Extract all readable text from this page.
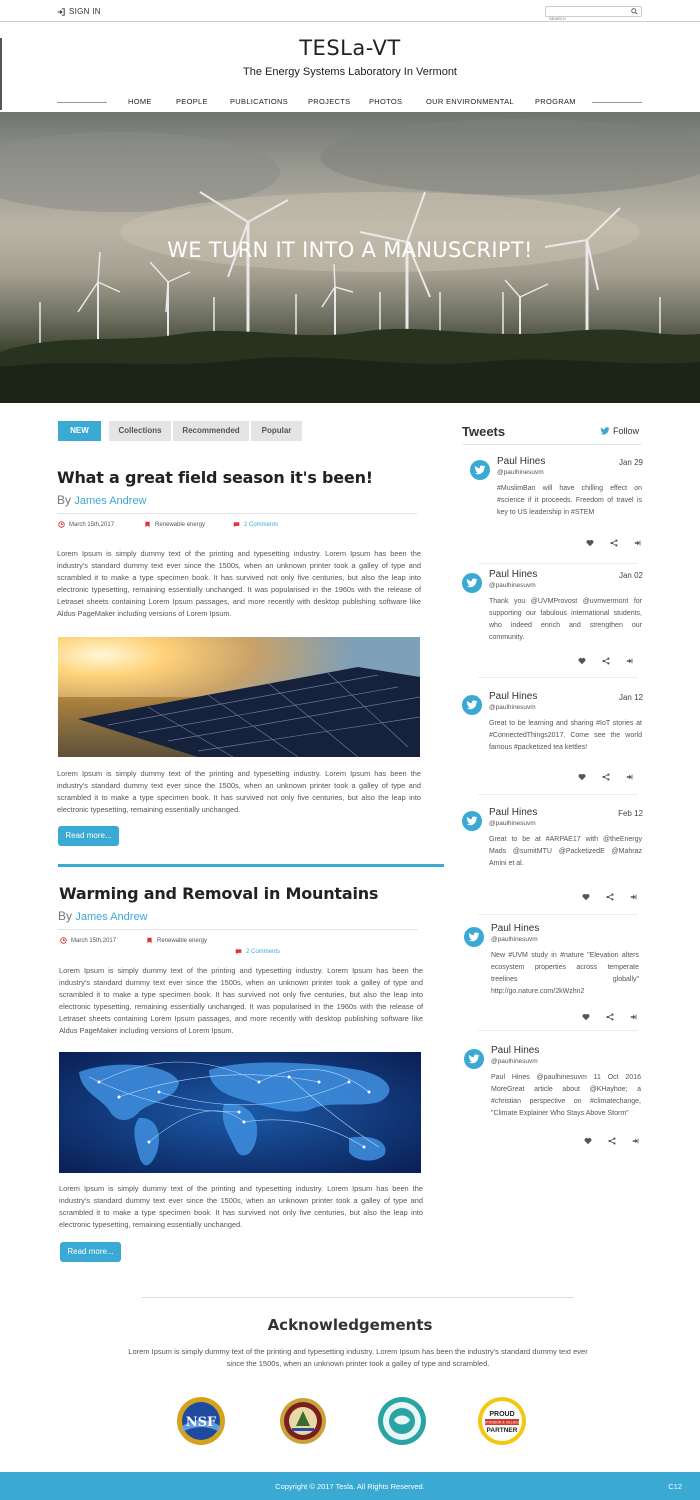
SIGN IN
SEARCH
TESLa-VT
The Energy Systems Laboratory In Vermont
HOME	PEOPLE	PUBLICATIONS	PROJECTS PHOTOS	OUR ENVIRONMENTAL	PROGRAM
WE TURN IT INTO A MANUSCRIPT!
NEW	Collections	Recommended	Popular
What a great field season it's been!
By James Andrew
March 15th,2017	Renewable energy	2 Comments
Lorem Ipsum is simply dummy text of the printing and typesetting industry. Lorem Ipsum has been the industry's standard dummy text ever since the 1500s, when an unknown printer took a galley of type and scrambled it to make a type specimen book. It has survived not only five centuries, but also the leap into electronic typesetting, remaining essentially unchanged. It was popularised in the 1960s with the release of Letraset sheets containing Lorem Ipsum passages, and more recently with desktop publishing software like Aldus PageMaker including versions of Lorem Ipsum.
Lorem Ipsum is simply dummy text of the printing and typesetting industry. Lorem Ipsum has been the industry's standard dummy text ever since the 1500s, when an unknown printer took a galley of type and scrambled it to make a type specimen book. It has survived not only five centuries, but also the leap into electronic typesetting, remaining essentially unchanged.
Read more...
Warming and Removal in Mountains
By James Andrew
March 15th,2017	Renewable energy
2 Comments
Lorem Ipsum is simply dummy text of the printing and typesetting industry. Lorem Ipsum has been the industry's standard dummy text ever since the 1500s, when an unknown printer took a galley of type and scrambled it to make a type specimen book. It has survived not only five centuries, but also the leap into electronic typesetting, remaining essentially unchanged. It was popularised in the 1960s with the release of Letraset sheets containing Lorem Ipsum passages, and more recently with desktop publishing software like Aldus PageMaker including versions of Lorem Ipsum.
Lorem Ipsum is simply dummy text of the printing and typesetting industry. Lorem Ipsum has been the industry's standard dummy text ever since the 1500s, when an unknown printer took a galley of type and scrambled it to make a type specimen book. It has survived not only five centuries, but also the leap into electronic typesetting, remaining essentially unchanged.
Read more...
Tweets	Follow
Paul Hines
@paulhinesuvm
Jan 29
#MuslimBan will have chilling effect on #science if it proceeds. Freedom of travel is key to US leadership in #STEM
Paul Hines
@paulhinesuvm
Jan 02
Thank you @UVMProvost @uvmvermont for supporting our fabulous international students, who indeed enrich and strengthen our community.
Paul Hines
@paulhinesuvm
Jan 12
Great to be learning and sharing #IoT stories at #ConnectedThings2017. Come see the world famous #packetized tea kettles!
Paul Hines
@paulhinesuvm
Feb 12
Great to be at #ARPAE17 with @theEnergy Mads @sumitMTU @PacketizedE @Mahraz Amini et al.
Paul Hines
@paulhinesuvm
New #UVM study in #nature "Elevation alters ecosystem properties across temperate treelines globally" http://go.nature.com/2kWzhn2
Paul Hines
@paulhinesuvm
Paul Hines @paulhinesuvm 11 Oct 2016 MoreGreat article about @KHayhoe; a #christian perspective on #climatechange, "Climate Explainer Who Stays Above Storm"
Acknowledgements
Lorem Ipsum is simply dummy text of the printing and typesetting industry. Lorem Ipsum has been the industry's standard dummy text ever since the 1500s, when an unknown printer took a galley of type and scrambled.
NSF
PROUD
SPONSOR & VILLAGE
PARTNER
Copyright © 2017 Tesla. All Rights Reserved.	C12
